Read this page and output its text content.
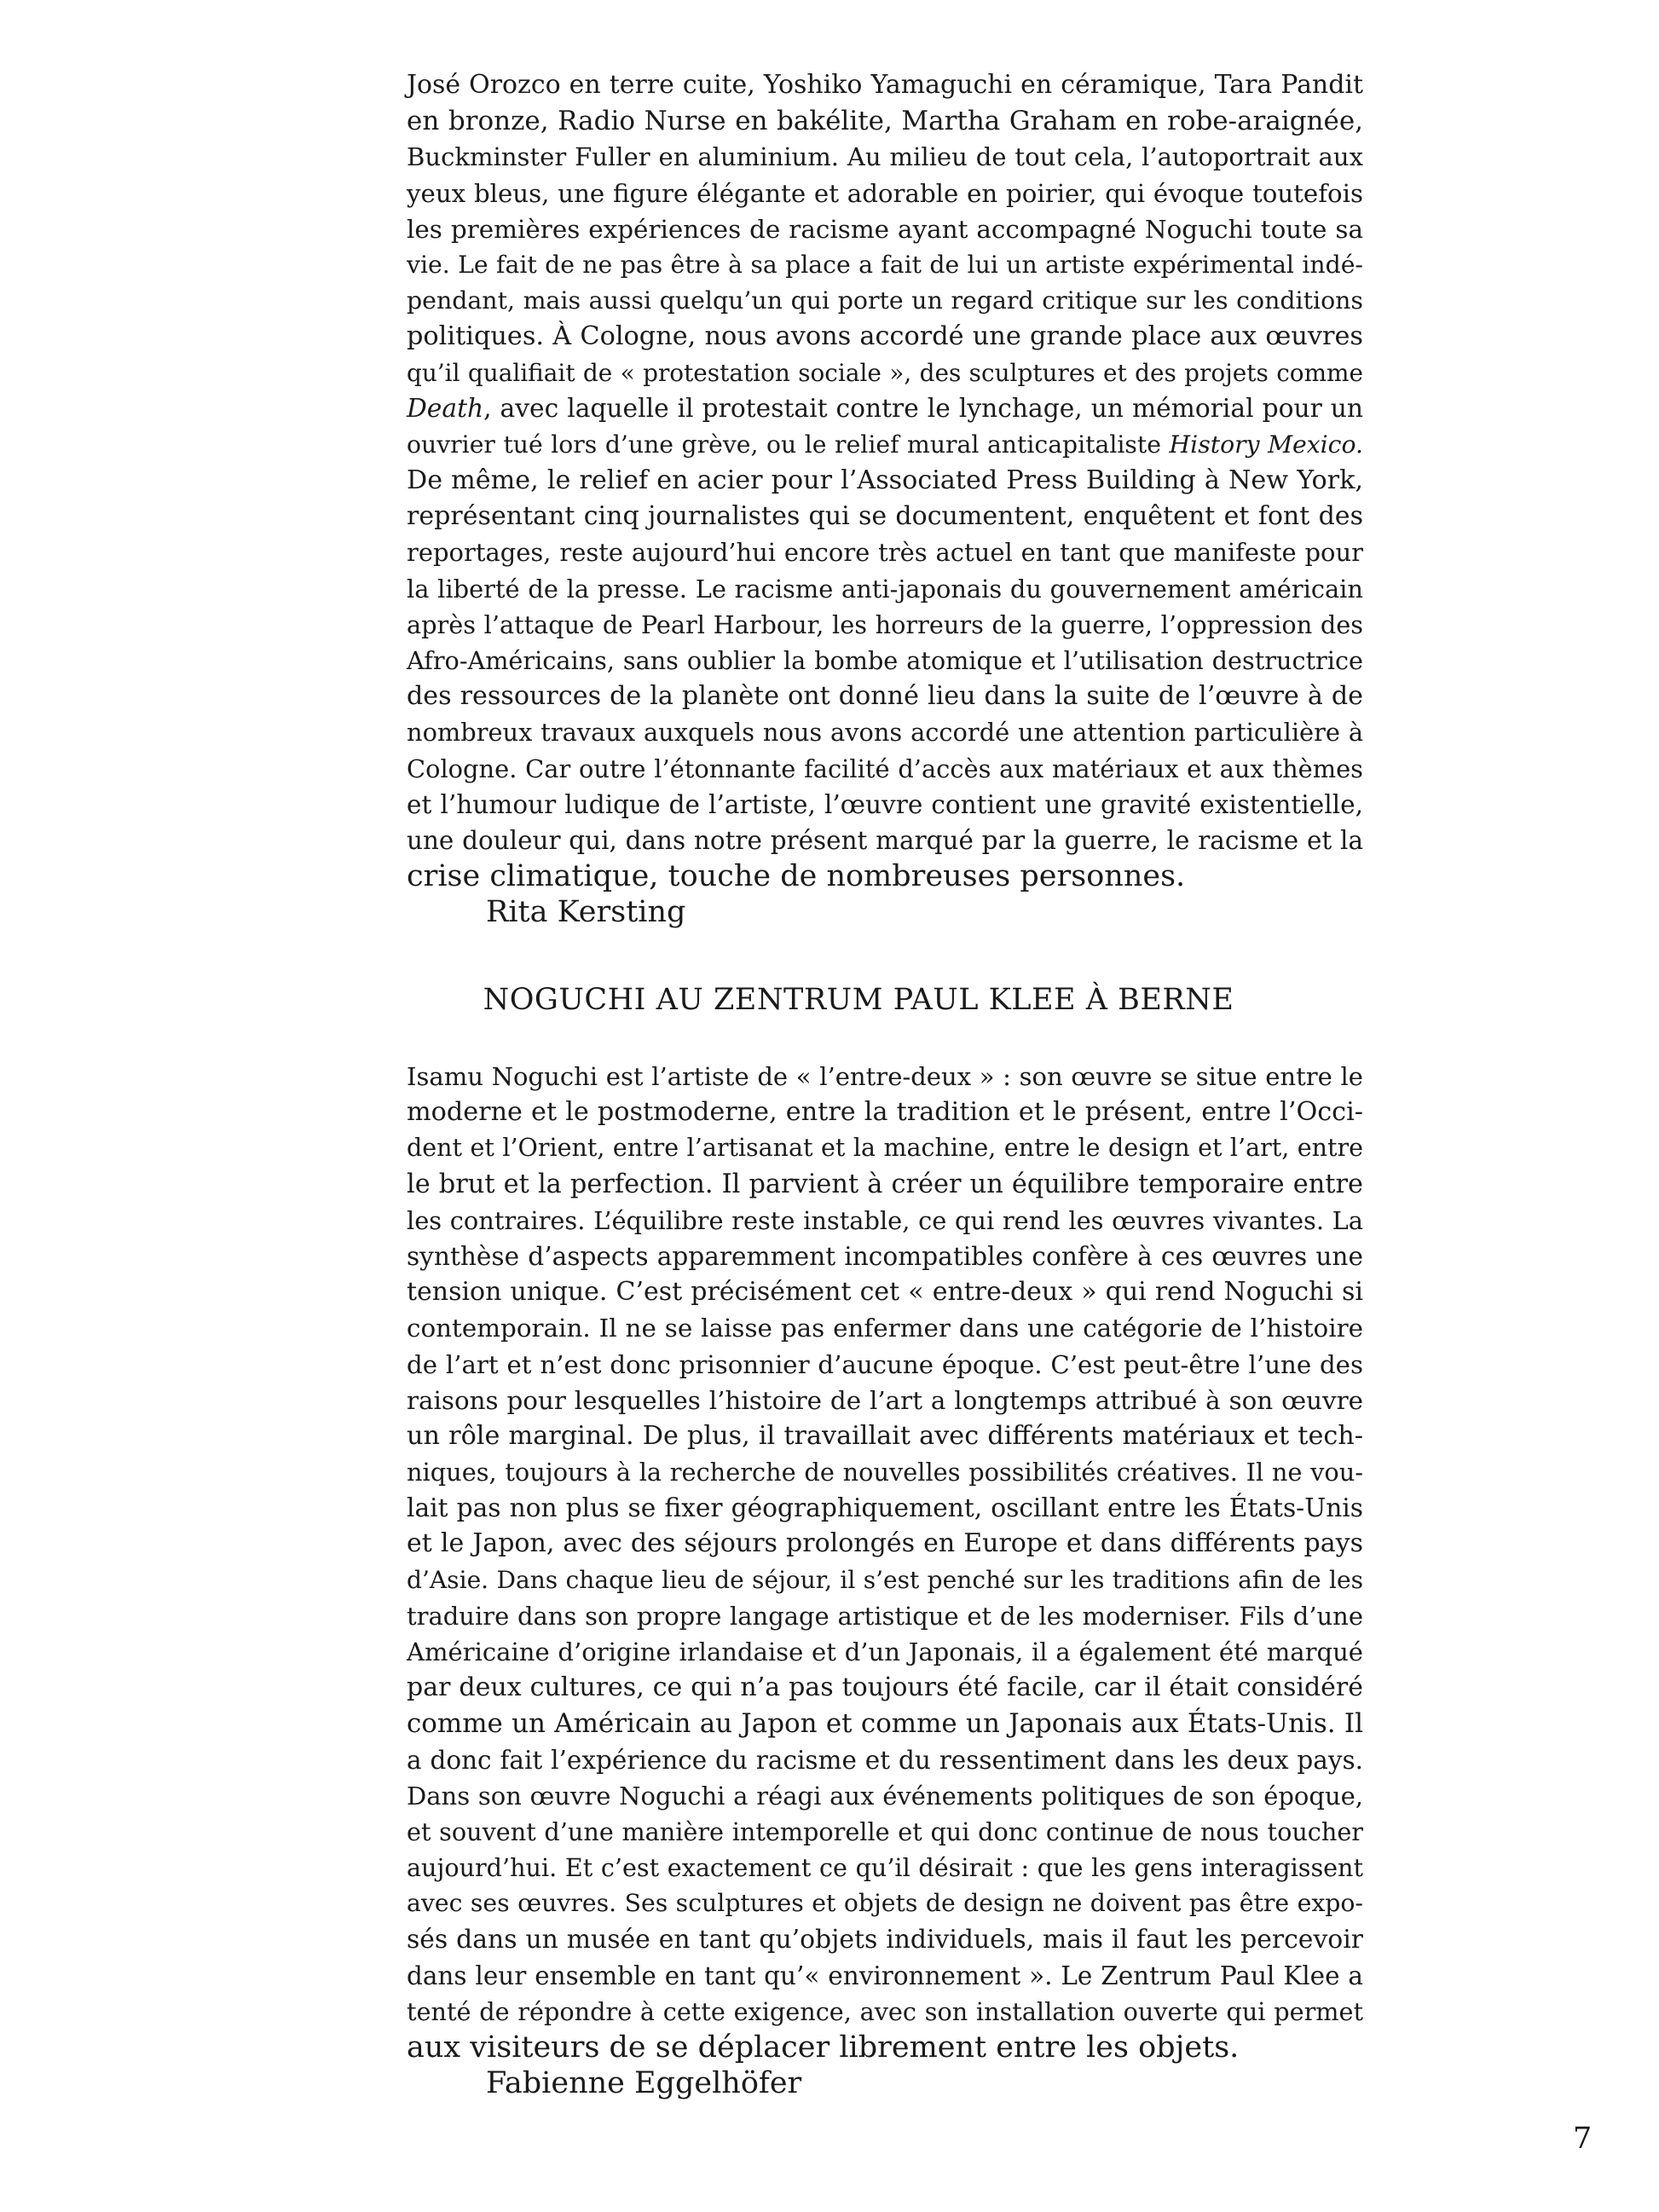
José Orozco en terre cuite, Yoshiko Yamaguchi en céramique, Tara Pandit
en bronze, Radio Nurse en bakélite, Martha Graham en robe-araignée,
Buckminster Fuller en aluminium. Au milieu de tout cela, l’autoportrait aux
yeux bleus, une figure élégante et adorable en poirier, qui évoque toutefois
les premières expériences de racisme ayant accompagné Noguchi toute sa
vie. Le fait de ne pas être à sa place a fait de lui un artiste expérimental indé-
pendant, mais aussi quelqu’un qui porte un regard critique sur les conditions
politiques. À Cologne, nous avons accordé une grande place aux œuvres
qu’il qualifiait de « protestation sociale », des sculptures et des projets comme
Death, avec laquelle il protestait contre le lynchage, un mémorial pour un
ouvrier tué lors d’une grève, ou le relief mural anticapitaliste History Mexico.
De même, le relief en acier pour l’Associated Press Building à New York,
représentant cinq journalistes qui se documentent, enquêtent et font des
reportages, reste aujourd’hui encore très actuel en tant que manifeste pour
la liberté de la presse. Le racisme anti-japonais du gouvernement américain
après l’attaque de Pearl Harbour, les horreurs de la guerre, l’oppression des
Afro-Américains, sans oublier la bombe atomique et l’utilisation destructrice
des ressources de la planète ont donné lieu dans la suite de l’œuvre à de
nombreux travaux auxquels nous avons accordé une attention particulière à
Cologne. Car outre l’étonnante facilité d’accès aux matériaux et aux thèmes
et l’humour ludique de l’artiste, l’œuvre contient une gravité existentielle,
une douleur qui, dans notre présent marqué par la guerre, le racisme et la
crise climatique, touche de nombreuses personnes.
Rita Kersting
NOGUCHI AU ZENTRUM PAUL KLEE À BERNE
Isamu Noguchi est l’artiste de « l’entre-deux » : son œuvre se situe entre le
moderne et le postmoderne, entre la tradition et le présent, entre l’Occi-
dent et l’Orient, entre l’artisanat et la machine, entre le design et l’art, entre
le brut et la perfection. Il parvient à créer un équilibre temporaire entre
les contraires. L’équilibre reste instable, ce qui rend les œuvres vivantes. La
synthèse d’aspects apparemment incompatibles confère à ces œuvres une
tension unique. C’est précisément cet « entre-deux » qui rend Noguchi si
contemporain. Il ne se laisse pas enfermer dans une catégorie de l’histoire
de l’art et n’est donc prisonnier d’aucune époque. C’est peut-être l’une des
raisons pour lesquelles l’histoire de l’art a longtemps attribué à son œuvre
un rôle marginal. De plus, il travaillait avec différents matériaux et tech-
niques, toujours à la recherche de nouvelles possibilités créatives. Il ne vou-
lait pas non plus se fixer géographiquement, oscillant entre les États-Unis
et le Japon, avec des séjours prolongés en Europe et dans différents pays
d’Asie. Dans chaque lieu de séjour, il s’est penché sur les traditions afin de les
traduire dans son propre langage artistique et de les moderniser. Fils d’une
Américaine d’origine irlandaise et d’un Japonais, il a également été marqué
par deux cultures, ce qui n’a pas toujours été facile, car il était considéré
comme un Américain au Japon et comme un Japonais aux États-Unis. Il
a donc fait l’expérience du racisme et du ressentiment dans les deux pays.
Dans son œuvre Noguchi a réagi aux événements politiques de son époque,
et souvent d’une manière intemporelle et qui donc continue de nous toucher
aujourd’hui. Et c’est exactement ce qu’il désirait : que les gens interagissent
avec ses œuvres. Ses sculptures et objets de design ne doivent pas être expo-
sés dans un musée en tant qu’objets individuels, mais il faut les percevoir
dans leur ensemble en tant qu’« environnement ». Le Zentrum Paul Klee a
tenté de répondre à cette exigence, avec son installation ouverte qui permet
aux visiteurs de se déplacer librement entre les objets.
Fabienne Eggelhöfer
7
